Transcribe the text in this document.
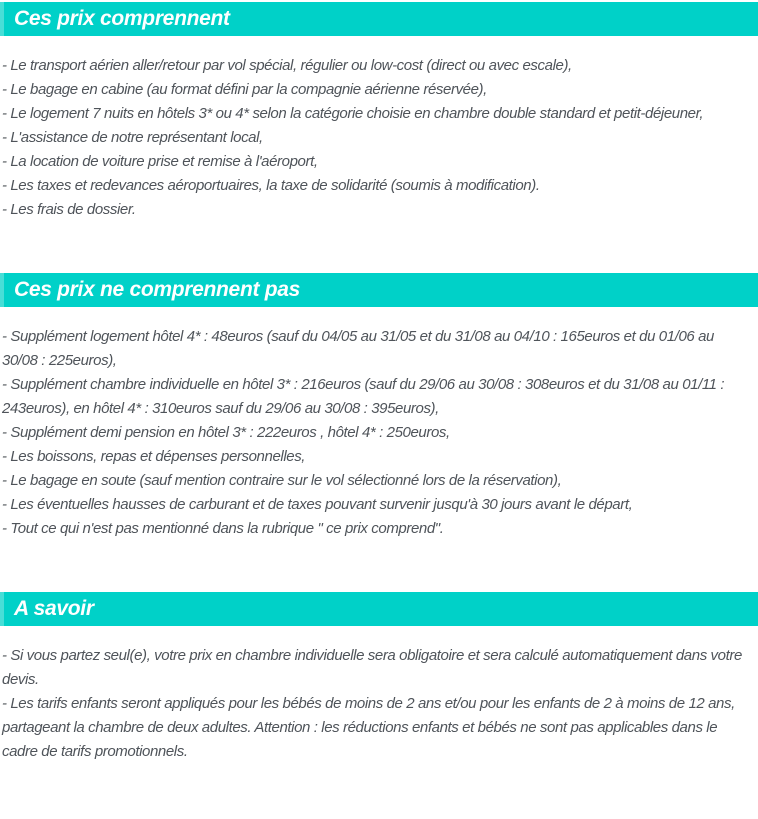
Ces prix comprennent

- Le transport aérien aller/retour par vol spécial, régulier ou low-cost (direct ou avec escale),

- Le bagage en cabine (au format défini par la compagnie aérienne réservée),

- Le logement 7 nuits en hôtels 3* ou 4* selon la catégorie choisie en chambre double standard et petit-déjeuner,

- L'assistance de notre représentant local,

- La location de voiture prise et remise à l'aéroport,

- Les taxes et redevances aéroportuaires, la taxe de solidarité (soumis à modification).

- Les frais de dossier.

Ces prix ne comprennent pas

- Supplément logement hôtel 4* : 48euros (sauf du 04/05 au 31/05 et du 31/08 au 04/10 : 165euros et du 01/06 au 30/08 : 225euros),

- Supplément chambre individuelle en hôtel 3* : 216euros (sauf du 29/06 au 30/08 : 308euros et du 31/08 au 01/11 : 243euros), en hôtel 4* : 310euros sauf du 29/06 au 30/08 : 395euros),

- Supplément demi pension en hôtel 3* : 222euros , hôtel 4* : 250euros,

- Les boissons, repas et dépenses personnelles,

- Le bagage en soute (sauf mention contraire sur le vol sélectionné lors de la réservation),

- Les éventuelles hausses de carburant et de taxes pouvant survenir jusqu'à 30 jours avant le départ,

- Tout ce qui n'est pas mentionné dans la rubrique " ce prix comprend".

A savoir

- Si vous partez seul(e), votre prix en chambre individuelle sera obligatoire et sera calculé automatiquement dans votre devis.

- Les tarifs enfants seront appliqués pour les bébés de moins de 2 ans et/ou pour les enfants de 2 à moins de 12 ans, partageant la chambre de deux adultes. Attention : les réductions enfants et bébés ne sont pas applicables dans le cadre de tarifs promotionnels.
